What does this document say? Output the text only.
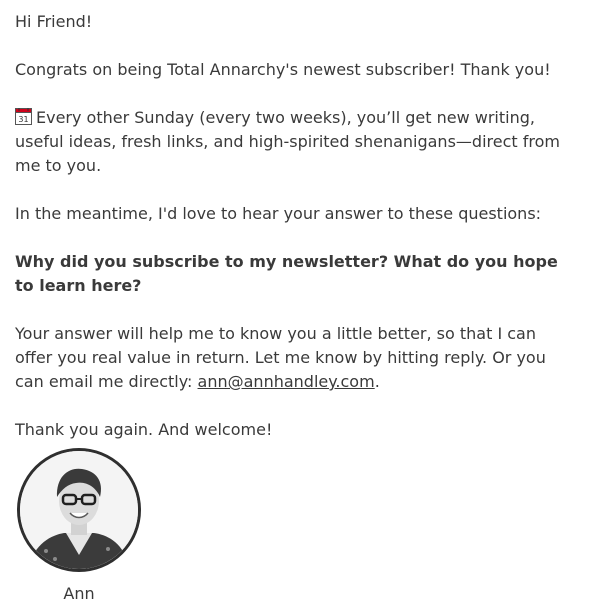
Hi Friend!

Congrats on being Total Annarchy's newest subscriber! Thank you!

31 Every other Sunday (every two weeks), you’ll get new writing, useful ideas, fresh links, and high-spirited shenanigans—direct from me to you.

In the meantime, I'd love to hear your answer to these questions:

Why did you subscribe to my newsletter? What do you hope to learn here?

Your answer will help me to know you a little better, so that I can offer you real value in return. Let me know by hitting reply. Or you can email me directly: ann@annhandley.com.

Thank you again. And welcome!

Ann
